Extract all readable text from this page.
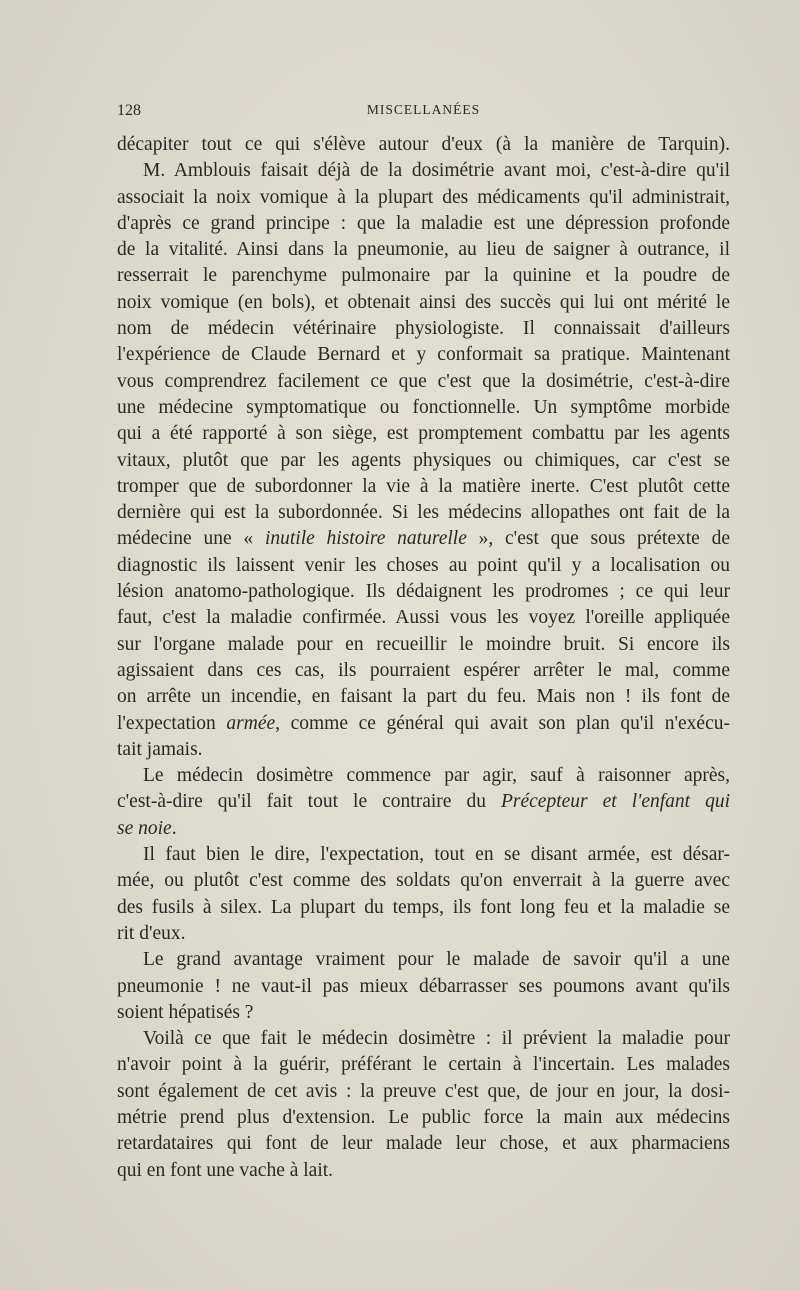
128	MISCELLANÉES
décapiter tout ce qui s'élève autour d'eux (à la manière de Tarquin).
M. Amblouis faisait déjà de la dosimétrie avant moi, c'est-à-dire qu'il
associait la noix vomique à la plupart des médicaments qu'il administrait,
d'après ce grand principe : que la maladie est une dépression profonde
de la vitalité. Ainsi dans la pneumonie, au lieu de saigner à outrance, il
resserrait le parenchyme pulmonaire par la quinine et la poudre de
noix vomique (en bols), et obtenait ainsi des succès qui lui ont mérité le
nom de médecin vétérinaire physiologiste. Il connaissait d'ailleurs
l'expérience de Claude Bernard et y conformait sa pratique. Maintenant
vous comprendrez facilement ce que c'est que la dosimétrie, c'est-à-dire
une médecine symptomatique ou fonctionnelle. Un symptôme morbide
qui a été rapporté à son siège, est promptement combattu par les agents
vitaux, plutôt que par les agents physiques ou chimiques, car c'est se
tromper que de subordonner la vie à la matière inerte. C'est plutôt cette
dernière qui est la subordonnée. Si les médecins allopathes ont fait de la
médecine une « inutile histoire naturelle », c'est que sous prétexte de
diagnostic ils laissent venir les choses au point qu'il y a localisation ou
lésion anatomo-pathologique. Ils dédaignent les prodromes ; ce qui leur
faut, c'est la maladie confirmée. Aussi vous les voyez l'oreille appliquée
sur l'organe malade pour en recueillir le moindre bruit. Si encore ils
agissaient dans ces cas, ils pourraient espérer arrêter le mal, comme
on arrête un incendie, en faisant la part du feu. Mais non ! ils font de
l'expectation armée, comme ce général qui avait son plan qu'il n'exécu-
tait jamais.
Le médecin dosimètre commence par agir, sauf à raisonner après,
c'est-à-dire qu'il fait tout le contraire du Précepteur et l'enfant qui
se noie.
Il faut bien le dire, l'expectation, tout en se disant armée, est désar-
mée, ou plutôt c'est comme des soldats qu'on enverrait à la guerre avec
des fusils à silex. La plupart du temps, ils font long feu et la maladie se
rit d'eux.
Le grand avantage vraiment pour le malade de savoir qu'il a une
pneumonie ! ne vaut-il pas mieux débarrasser ses poumons avant qu'ils
soient hépatisés ?
Voilà ce que fait le médecin dosimètre : il prévient la maladie pour
n'avoir point à la guérir, préférant le certain à l'incertain. Les malades
sont également de cet avis : la preuve c'est que, de jour en jour, la dosi-
métrie prend plus d'extension. Le public force la main aux médecins
retardataires qui font de leur malade leur chose, et aux pharmaciens
qui en font une vache à lait.
